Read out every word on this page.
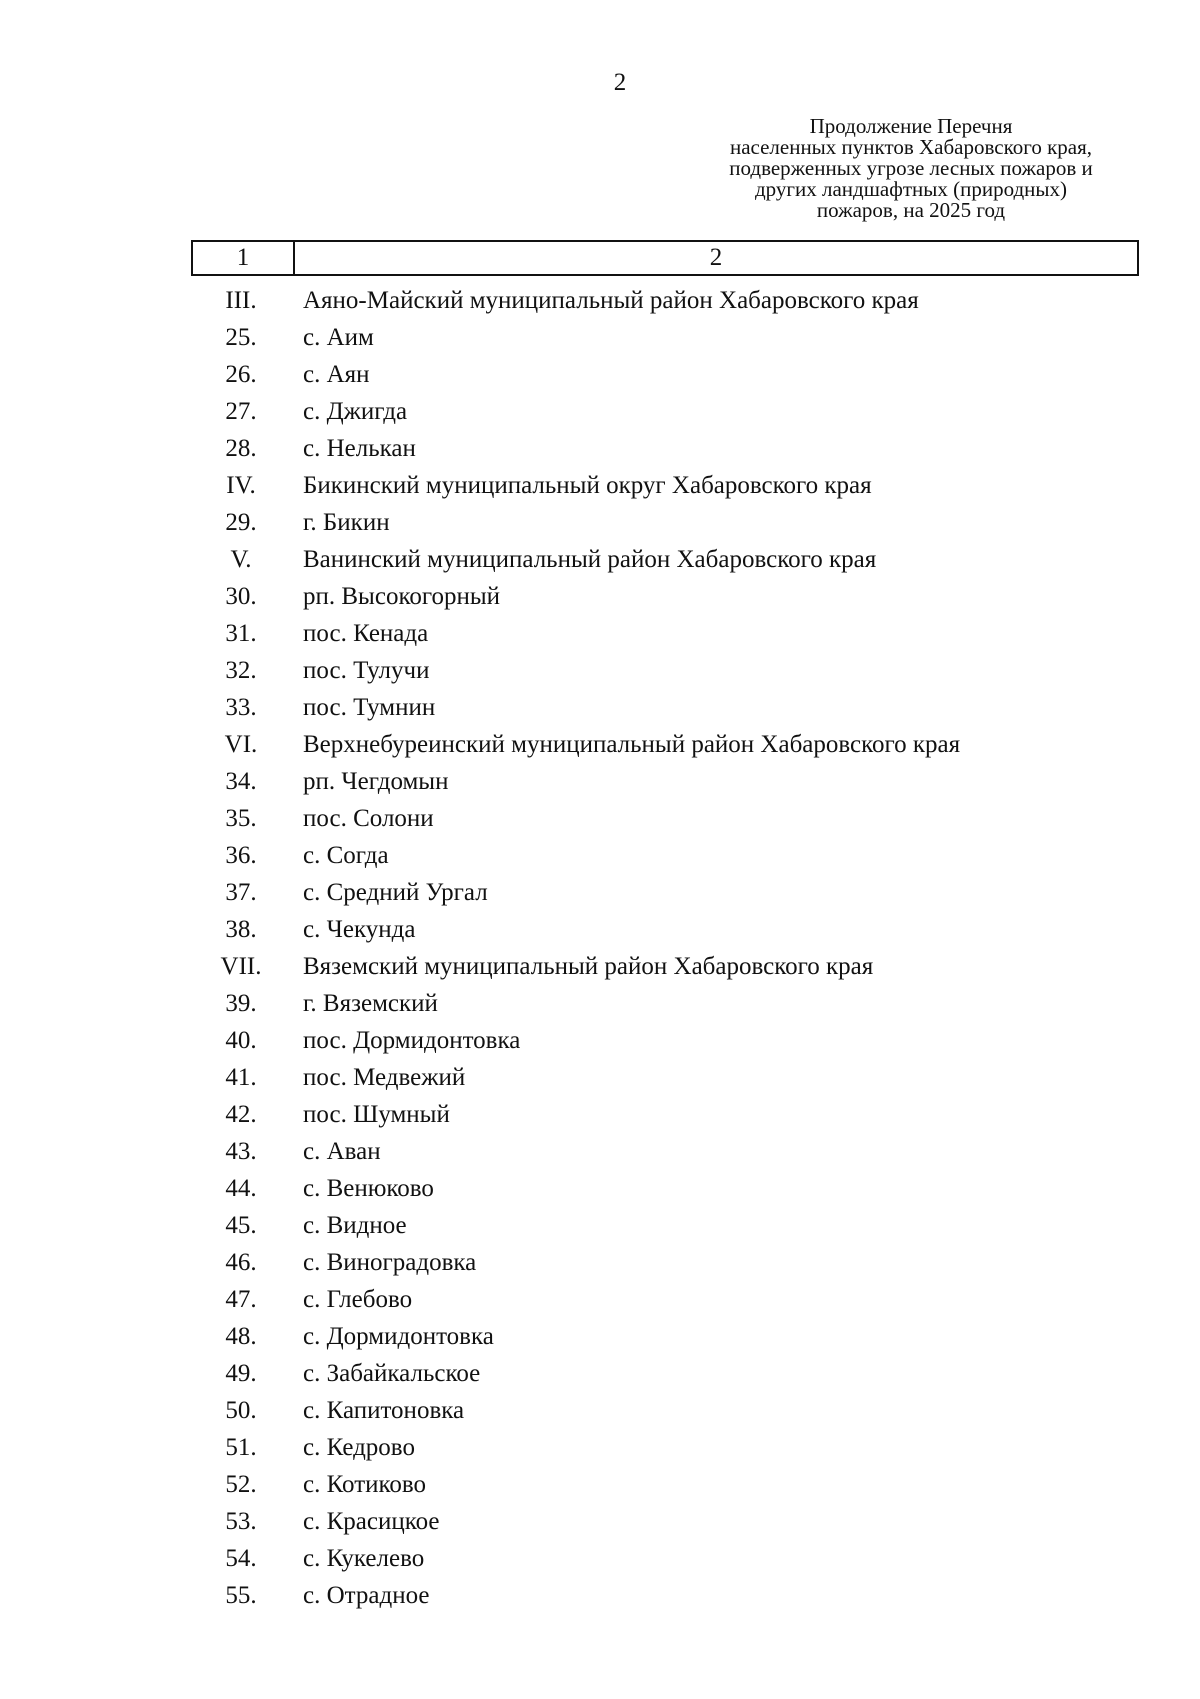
2
Продолжение Перечня
населенных пунктов Хабаровского края,
подверженных угрозе лесных пожаров и
других ландшафтных (природных)
пожаров, на 2025 год
1	2
III.	Аяно-Майский муниципальный район Хабаровского края
25.	с. Аим
26.	с. Аян
27.	с. Джигда
28.	с. Нелькан
IV.	Бикинский муниципальный округ Хабаровского края
29.	г. Бикин
V.	Ванинский муниципальный район Хабаровского края
30.	рп. Высокогорный
31.	пос. Кенада
32.	пос. Тулучи
33.	пос. Тумнин
VI.	Верхнебуреинский муниципальный район Хабаровского края
34.	рп. Чегдомын
35.	пос. Солони
36.	с. Согда
37.	с. Средний Ургал
38.	с. Чекунда
VII.	Вяземский муниципальный район Хабаровского края
39.	г. Вяземский
40.	пос. Дормидонтовка
41.	пос. Медвежий
42.	пос. Шумный
43.	с. Аван
44.	с. Венюково
45.	с. Видное
46.	с. Виноградовка
47.	с. Глебово
48.	с. Дормидонтовка
49.	с. Забайкальское
50.	с. Капитоновка
51.	с. Кедрово
52.	с. Котиково
53.	с. Красицкое
54.	с. Кукелево
55.	с. Отрадное
